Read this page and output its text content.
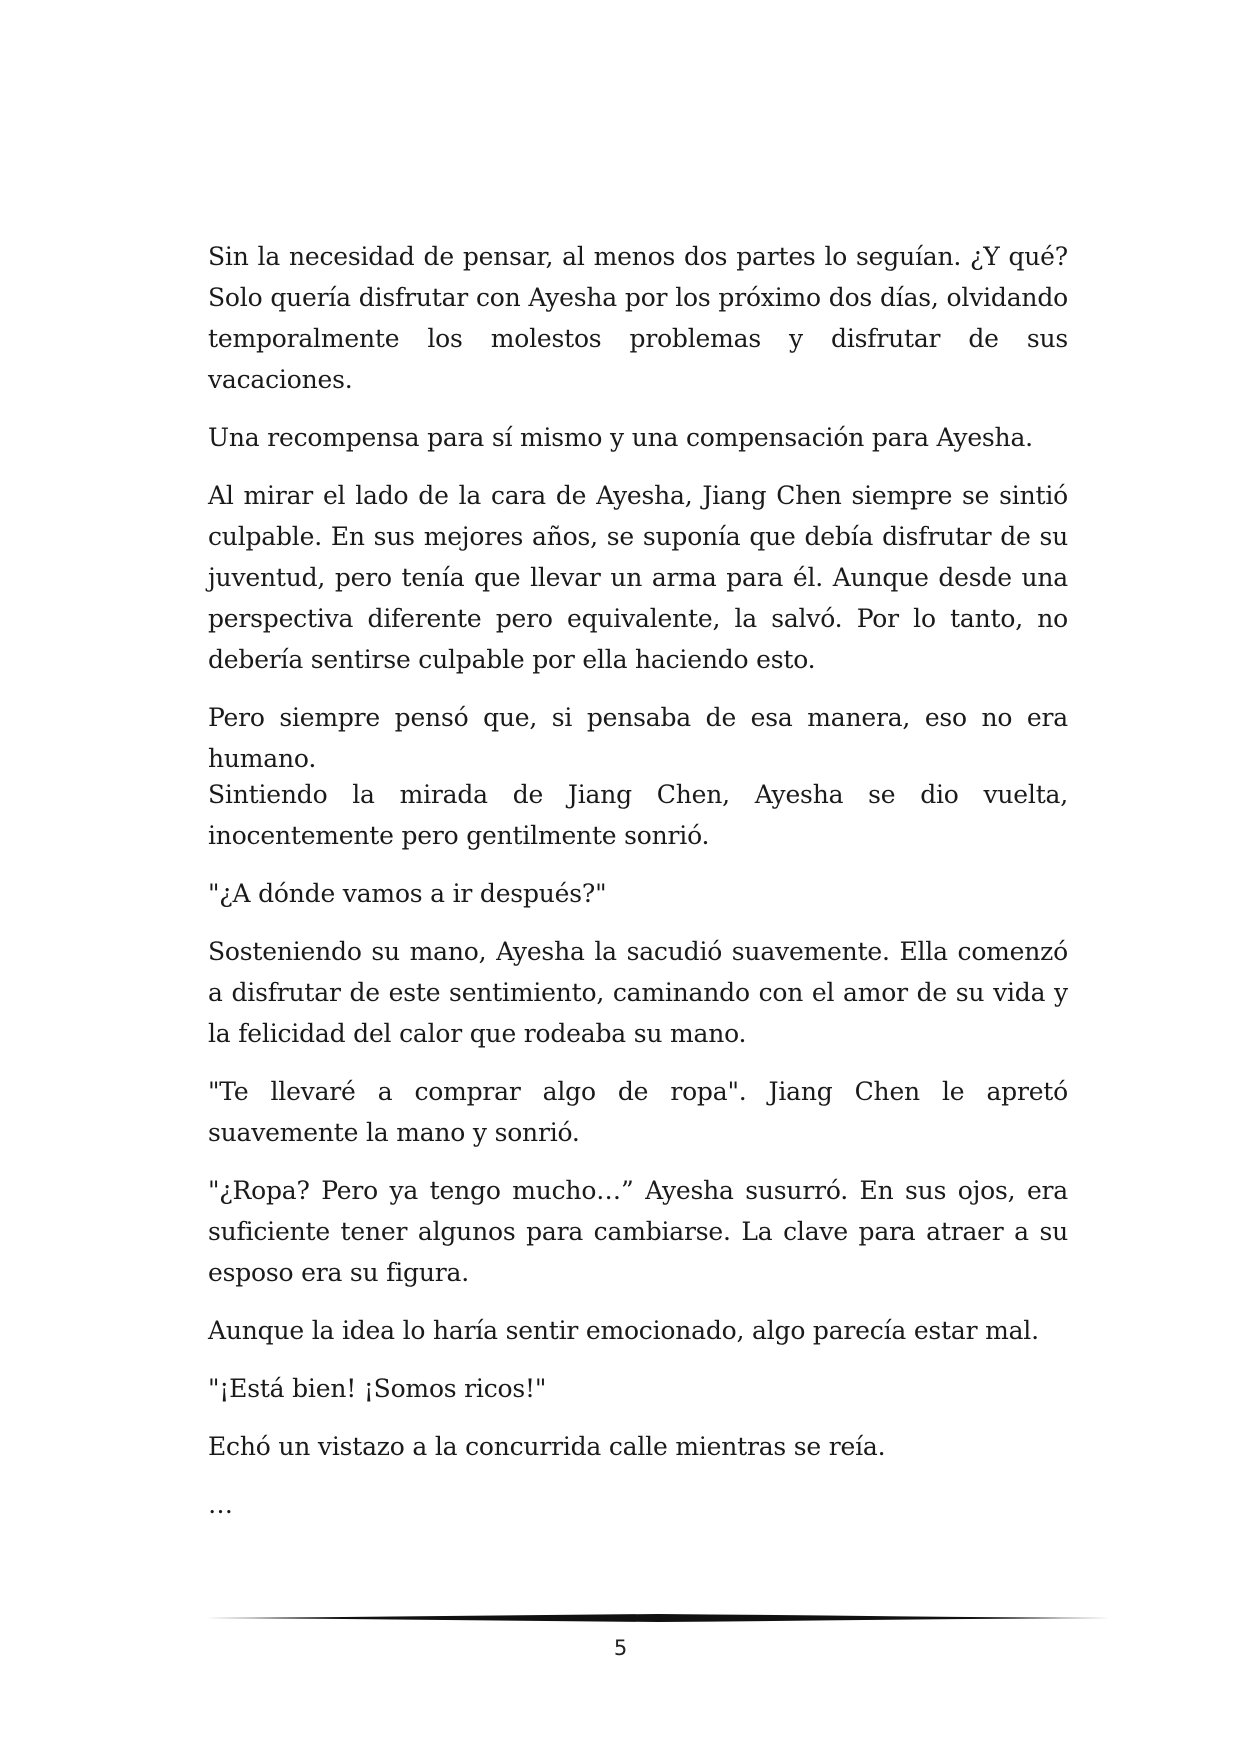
Sin la necesidad de pensar, al menos dos partes lo seguían. ¿Y qué? Solo quería disfrutar con Ayesha por los próximo dos días, olvidando temporalmente los molestos problemas y disfrutar de sus vacaciones.

Una recompensa para sí mismo y una compensación para Ayesha.

Al mirar el lado de la cara de Ayesha, Jiang Chen siempre se sintió culpable. En sus mejores años, se suponía que debía disfrutar de su juventud, pero tenía que llevar un arma para él. Aunque desde una perspectiva diferente pero equivalente, la salvó. Por lo tanto, no debería sentirse culpable por ella haciendo esto.

Pero siempre pensó que, si pensaba de esa manera, eso no era humano.

Sintiendo la mirada de Jiang Chen, Ayesha se dio vuelta, inocentemente pero gentilmente sonrió.

"¿A dónde vamos a ir después?"

Sosteniendo su mano, Ayesha la sacudió suavemente. Ella comenzó a disfrutar de este sentimiento, caminando con el amor de su vida y la felicidad del calor que rodeaba su mano.

"Te llevaré a comprar algo de ropa". Jiang Chen le apretó suavemente la mano y sonrió.

"¿Ropa? Pero ya tengo mucho…” Ayesha susurró. En sus ojos, era suficiente tener algunos para cambiarse. La clave para atraer a su esposo era su figura.

Aunque la idea lo haría sentir emocionado, algo parecía estar mal.

"¡Está bien! ¡Somos ricos!"

Echó un vistazo a la concurrida calle mientras se reía.

…

5
